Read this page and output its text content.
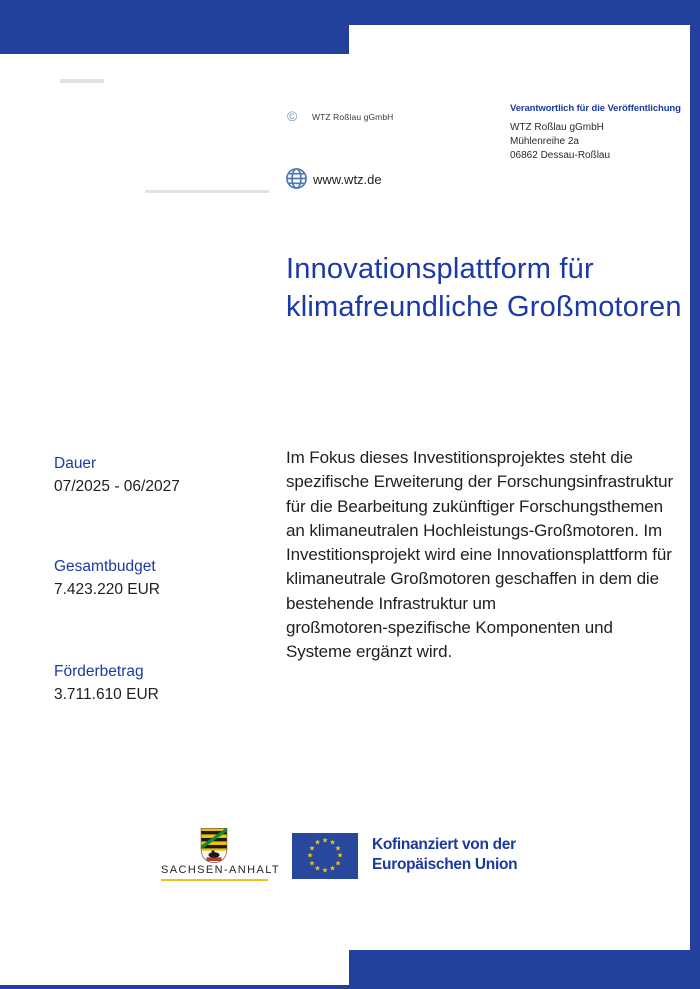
© WTZ Roßlau gGmbH
Verantwortlich für die Veröffentlichung
WTZ Roßlau gGmbH
Mühlenreihe 2a
06862 Dessau-Roßlau
www.wtz.de
Innovationsplattform für
klimafreundliche Großmotoren
Dauer
07/2025 - 06/2027
Gesamtbudget
7.423.220 EUR
Förderbetrag
3.711.610 EUR
Im Fokus dieses Investitionsprojektes steht die
spezifische Erweiterung der Forschungsinfrastruktur
für die Bearbeitung zukünftiger Forschungsthemen
an klimaneutralen Hochleistungs-Großmotoren. Im
Investitionsprojekt wird eine Innovationsplattform für
klimaneutrale Großmotoren geschaffen in dem die
bestehende Infrastruktur um
großmotoren-spezifische Komponenten und
Systeme ergänzt wird.
SACHSEN-ANHALT
★ ★
★
★
★
★
★
★
★
★
★
★	Kofinanziert von der
Europäischen Union
